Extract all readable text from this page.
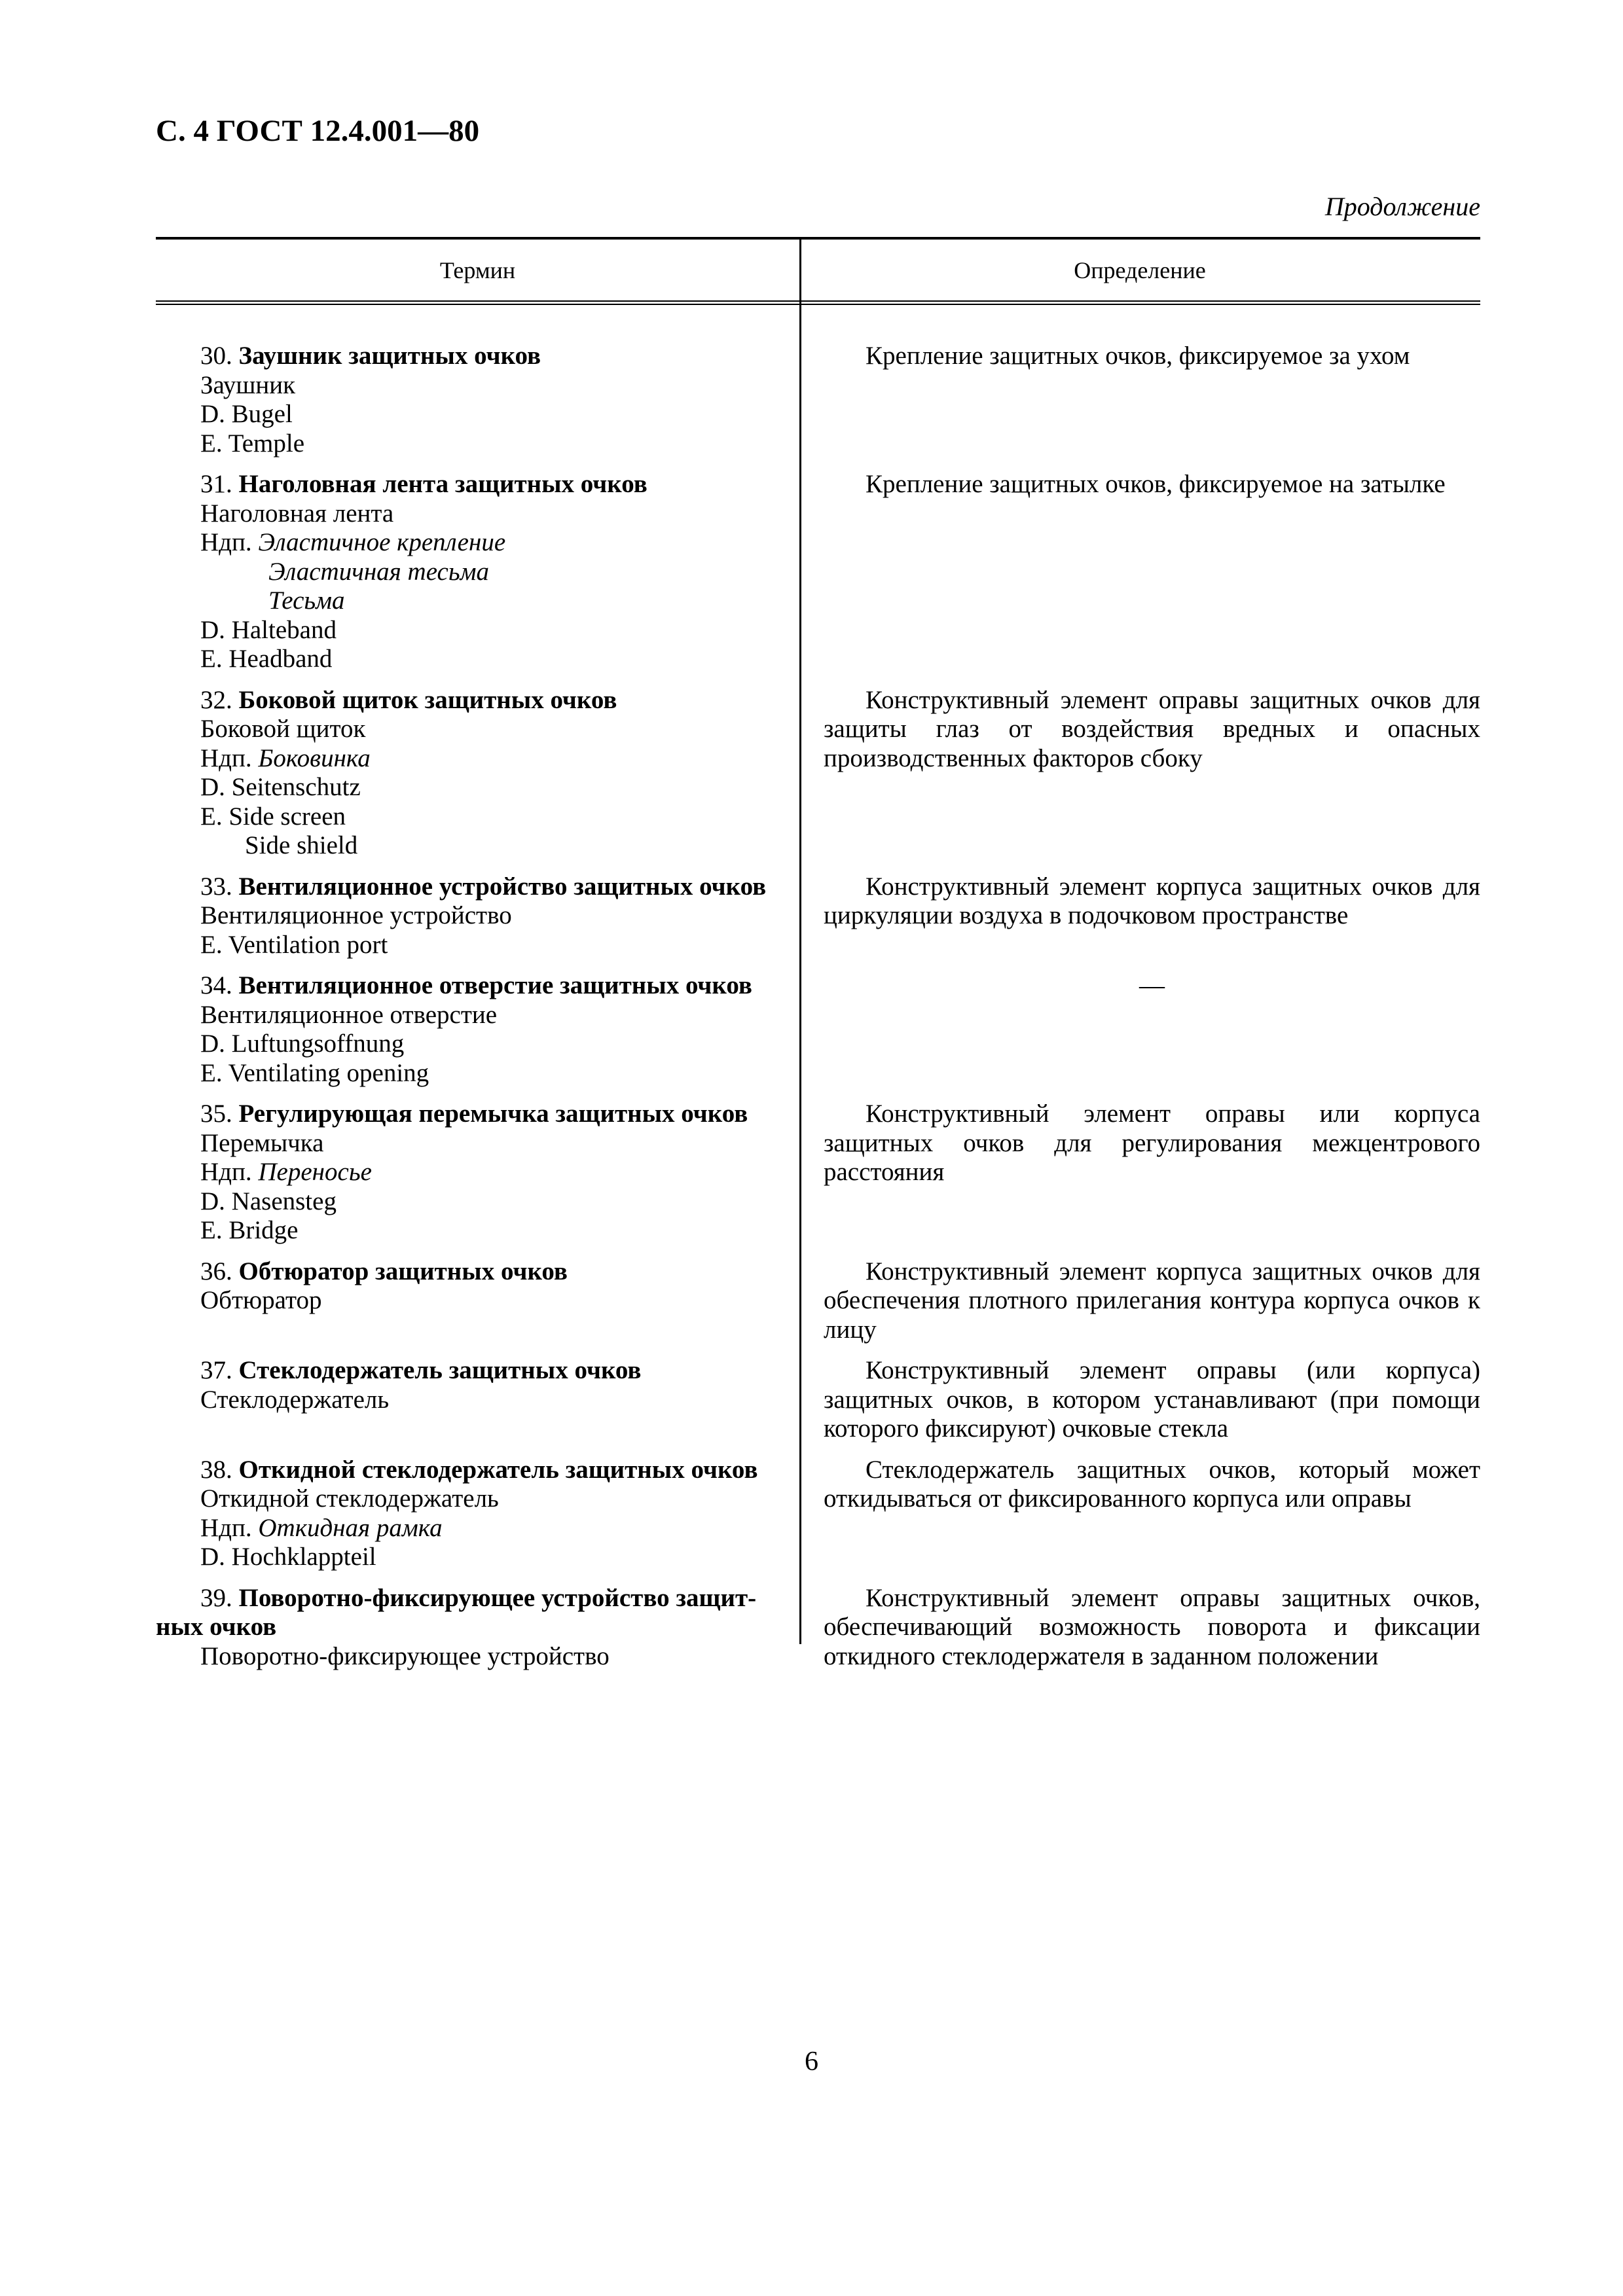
С. 4 ГОСТ 12.4.001—80
Продолжение
Термин	Определение
30. Заушник защитных очков
Заушник
D. Bugel
E. Temple
Крепление защитных очков, фиксируемое за ухом
31. Наголовная лента защитных очков
Наголовная лента
Ндп. Эластичное крепление
Эластичная тесьма
Тесьма
D. Halteband
E. Headband
Крепление защитных очков, фиксируемое на затылке
32. Боковой щиток защитных очков
Боковой щиток
Ндп. Боковинка
D. Seitenschutz
E. Side screen
Side shield
Конструктивный элемент оправы защитных очков для защиты глаз от воздействия вредных и опасных производственных факторов сбоку
33. Вентиляционное устройство защитных очков
Вентиляционное устройство
E. Ventilation port
Конструктивный элемент корпуса защитных очков для циркуляции воздуха в подочковом пространстве
34. Вентиляционное отверстие защитных очков
Вентиляционное отверстие
D. Luftungsoffnung
E. Ventilating opening
—
35. Регулирующая перемычка защитных очков
Перемычка
Ндп. Переносье
D. Nasensteg
E. Bridge
Конструктивный элемент оправы или корпуса защитных очков для регулирования межцентрового расстояния
36. Обтюратор защитных очков
Обтюратор
Конструктивный элемент корпуса защитных очков для обеспечения плотного прилегания контура корпуса очков к лицу
37. Стеклодержатель защитных очков
Стеклодержатель
Конструктивный элемент оправы (или корпуса) защитных очков, в котором устанавливают (при помощи которого фиксируют) очковые стекла
38. Откидной стеклодержатель защитных очков
Откидной стеклодержатель
Ндп. Откидная рамка
D. Hochklappteil
Стеклодержатель защитных очков, который может откидываться от фиксированного корпуса или оправы
39. Поворотно-фиксирующее устройство защит-
ных очков
Поворотно-фиксирующее устройство
Конструктивный элемент оправы защитных очков, обеспечивающий возможность поворота и фиксации откидного стеклодержателя в заданном положении
6
